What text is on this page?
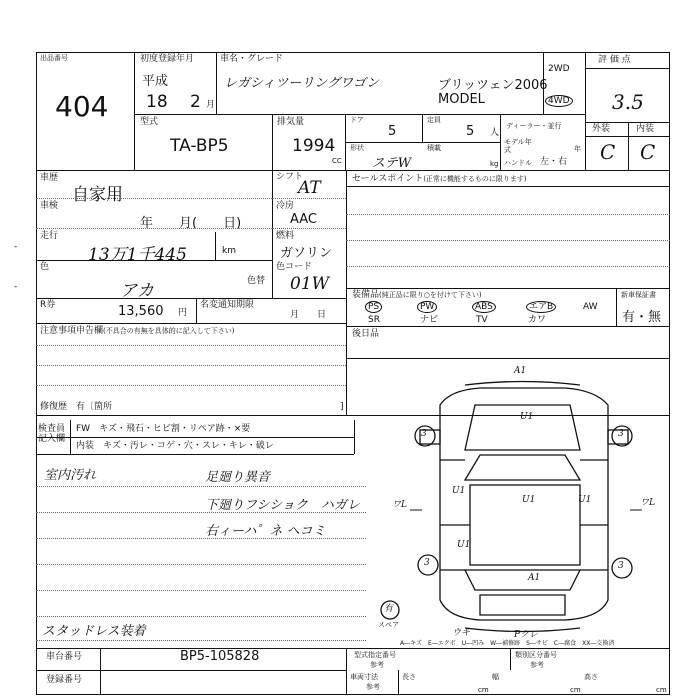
出品番号
404
初度登録年月
平成
18 2 月
車名・グレード
レガシィツーリングワゴン	ブリッツェン2006
MODEL
2WD
4WD
評 価 点
3.5
外装	内装
C C
型式
TA-BP5
排気量
1994
CC
ドア
5
定員
5 人
形状
ステW
積載
kg
ディーラー・並行
モデル年式	年
ハンドル 左・右
車歴
自家用
車検
年　　月(　　日)
走行
13万1千445	km
色
アカ	色替
R券	13,560 円
名変通知期限
月　　日
シフト
AT
冷房
AAC
燃料
ガソリン
色コード
01W
セールスポイント(正常に機能するものに限ります)
装備品(純正品に限り○を付けて下さい)	新車保証書
有・無
PS	PW	ABS	エアB	AW
SR	ナビ	TV	カワ
後日品
注意事項申告欄(不具合の有無を具体的に記入して下さい)
修復歴　 有〔箇所	]
検査員
記入欄
FW　キズ・飛石・ヒビ割・リペア跡・×要
内装　キズ・汚レ・コゲ・穴・スレ・キレ・破レ
室内汚れ	足廻り異音
下廻りフシショク　ハガレ
右ィーハ゜ネ ヘコミ
スタッドレス装着
A1
U1
U1
U1
U1	U1
A1
3	3
3	3
ワL	ワL
有
スペア
ウキ	Pクレ
A―キズ　E―エクボ　U―凹み　W―補修跡　S―サビ　C―腐食　XX―交換済
車台番号	BP5-105828
登録番号
型式指定番号
参考
類別区分番号
参考
車両寸法
参考
長さ
cm
幅
cm
高さ
cm
-
-
